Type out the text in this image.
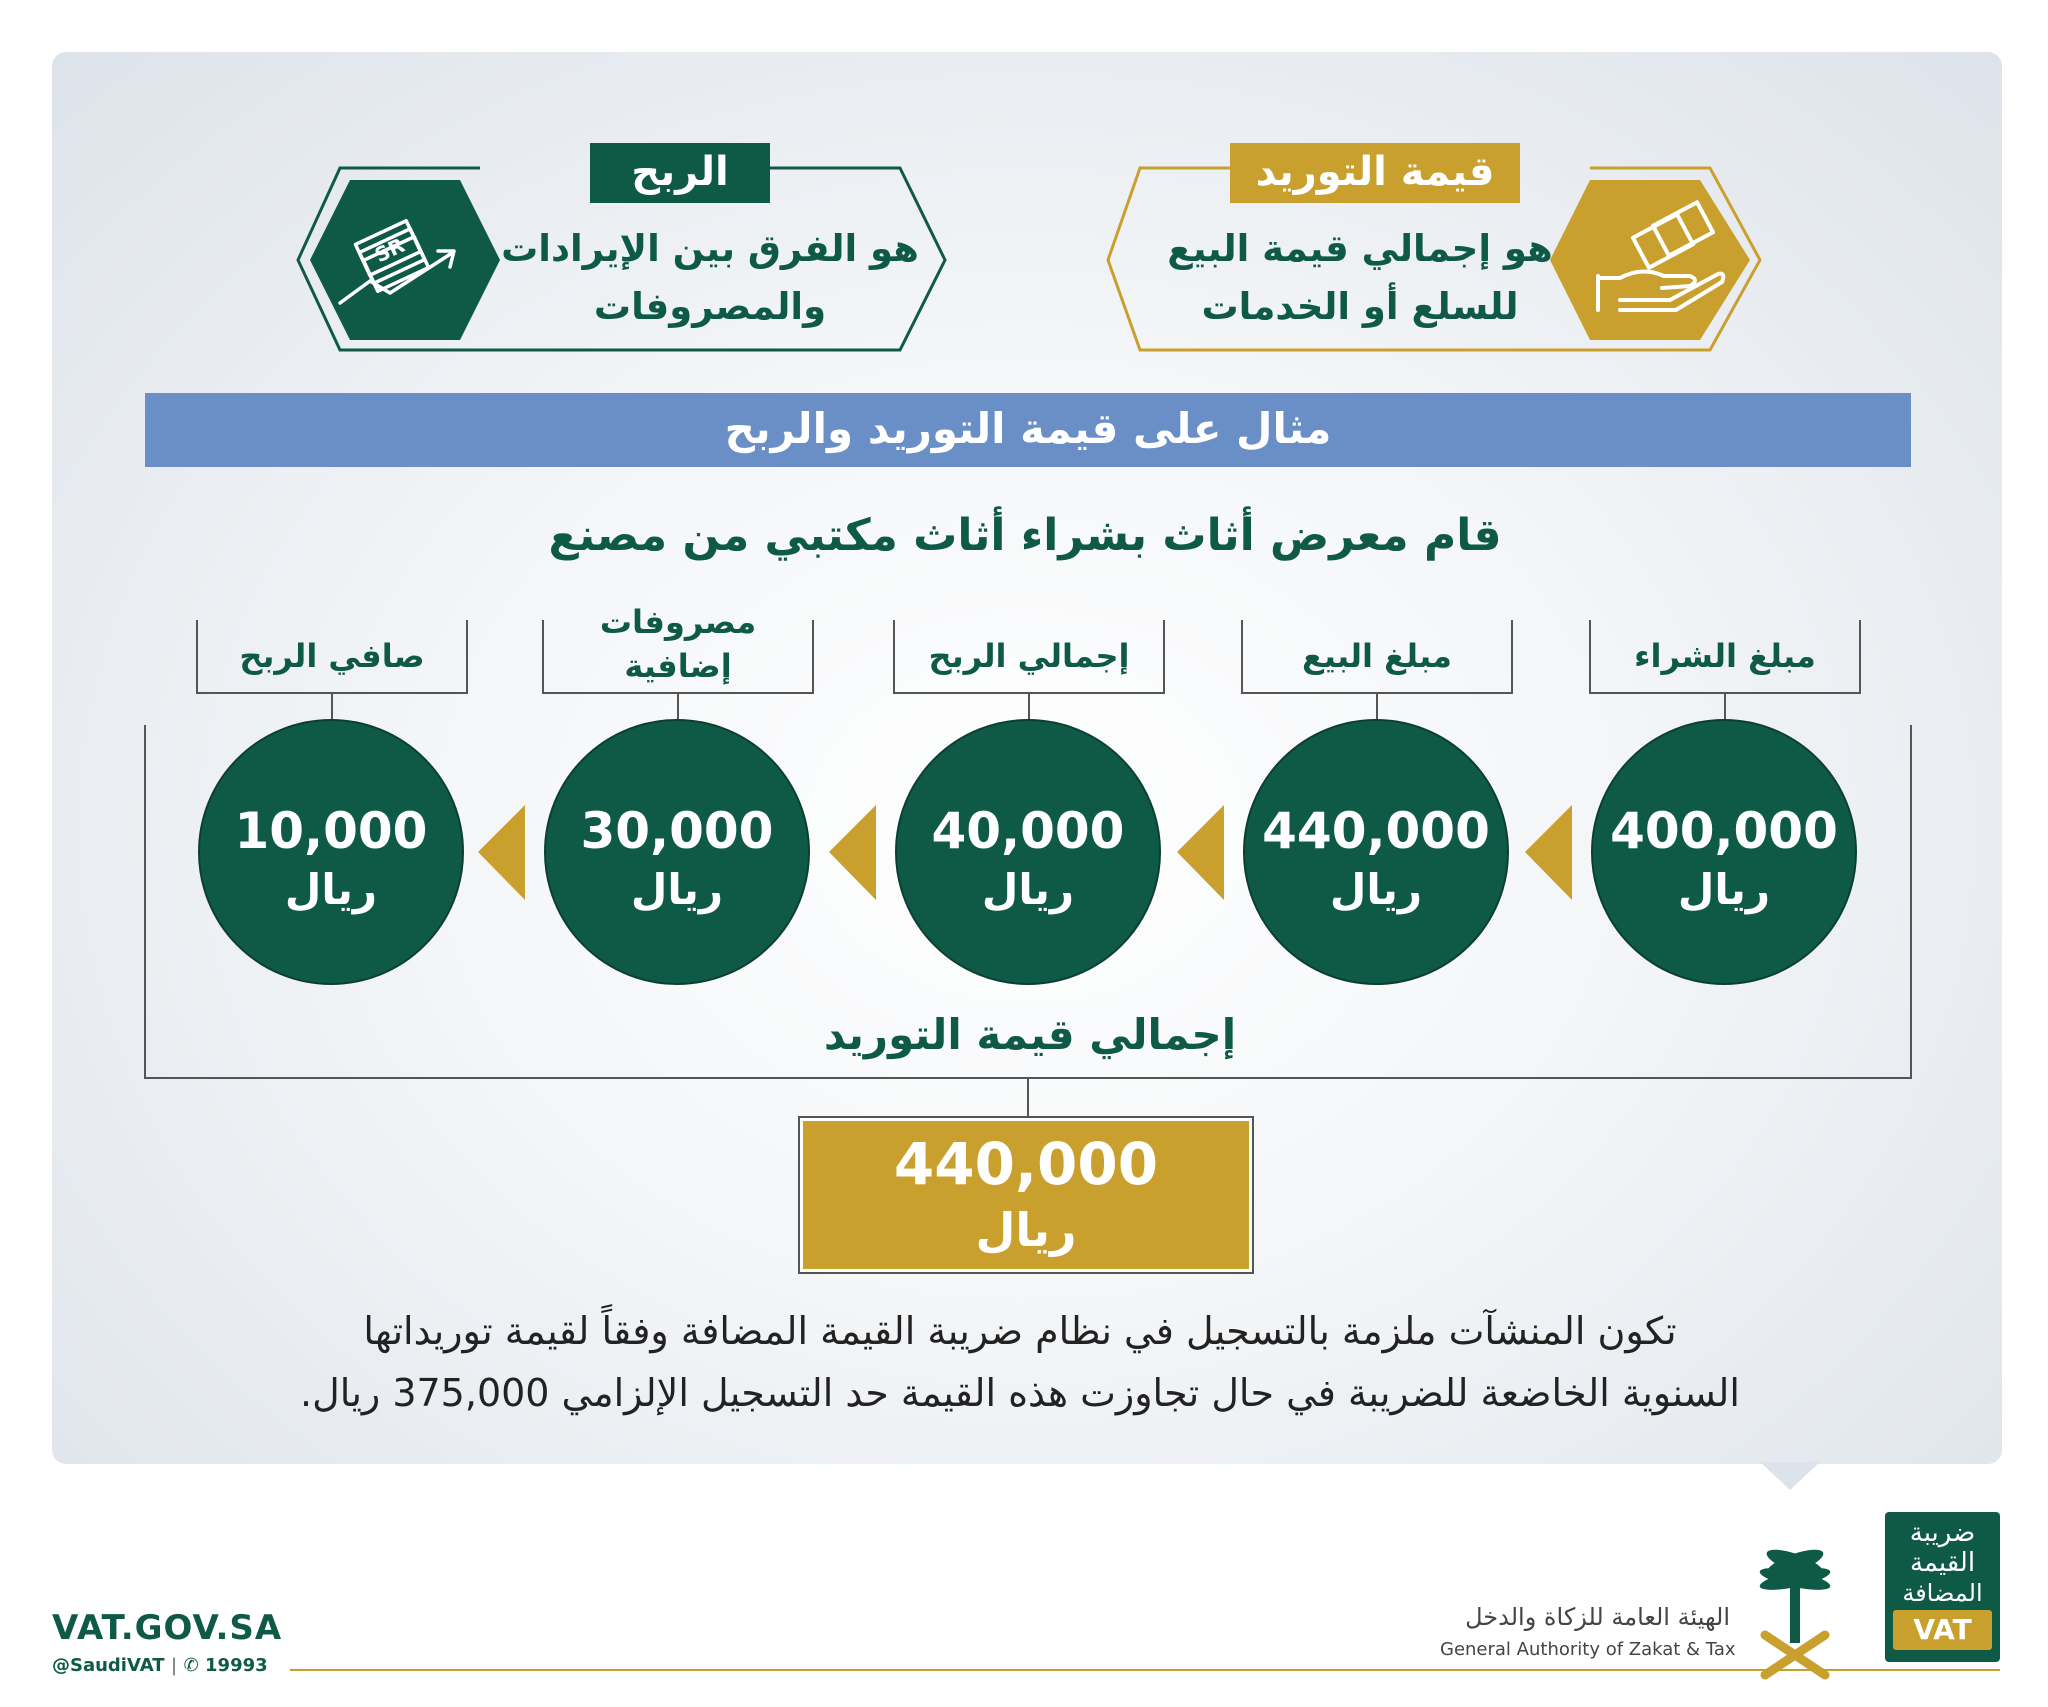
قيمة التوريد
هو إجمالي قيمة البيع
للسلع أو الخدمات
SR
الربح
هو الفرق بين الإيرادات
والمصروفات
مثال على قيمة التوريد والربح
قام معرض أثاث بشراء أثاث مكتبي من مصنع
مبلغ الشراء
مبلغ البيع
إجمالي الربح
مصروفات
إضافية
صافي الربح
400,000
ريال
440,000
ريال
40,000
ريال
30,000
ريال
10,000
ريال
إجمالي قيمة التوريد
440,000
ريال
تكون المنشآت ملزمة بالتسجيل في نظام ضريبة القيمة المضافة وفقاً لقيمة توريداتها
السنوية الخاضعة للضريبة في حال تجاوزت هذه القيمة حد التسجيل الإلزامي 375,000 ريال.
VAT.GOV.SA
@SaudiVAT | ✆ 19993
الهيئة العامة للزكاة والدخل
General Authority of Zakat & Tax
ضريبة
القيمة
المضافة
VAT
